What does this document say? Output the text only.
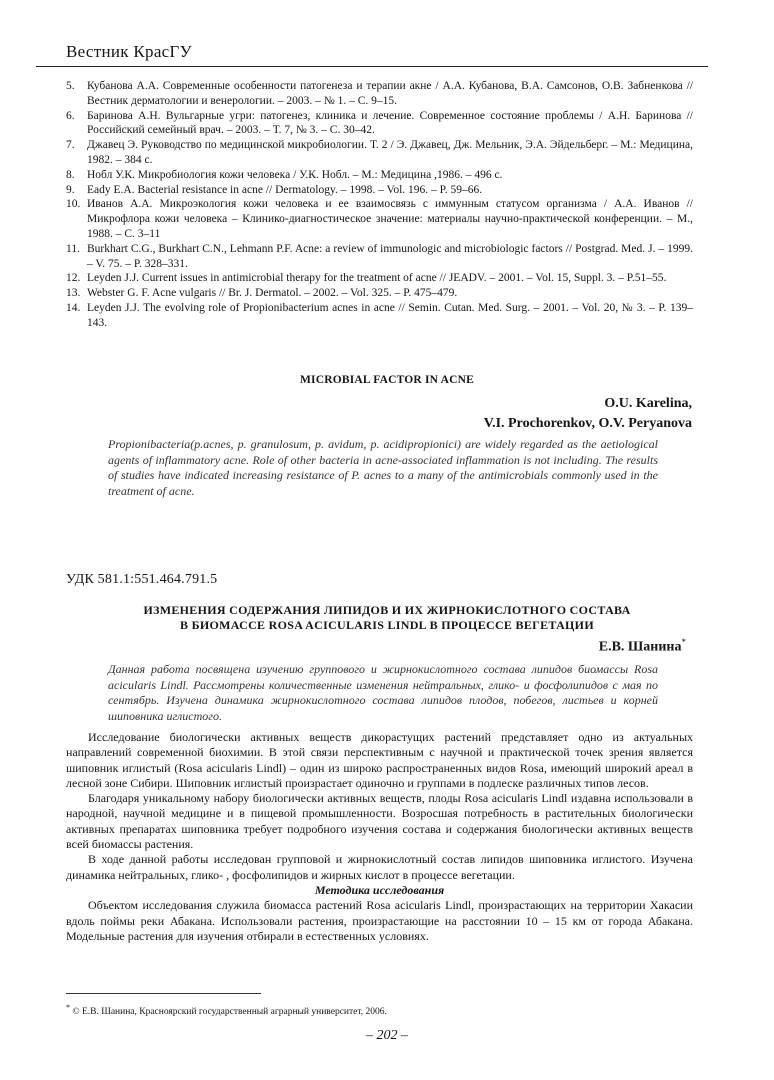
Вестник КрасГУ
5. Кубанова А.А. Современные особенности патогенеза и терапии акне / А.А. Кубанова, В.А. Самсонов, О.В. Забненкова // Вестник дерматологии и венерологии. – 2003. – № 1. – С. 9–15.
6. Баринова А.Н. Вульгарные угри: патогенез, клиника и лечение. Современное состояние проблемы / А.Н. Баринова // Российский семейный врач. – 2003. – Т. 7, № 3. – С. 30–42.
7. Джавец Э. Руководство по медицинской микробиологии. Т. 2 / Э. Джавец, Дж. Мельник, Э.А. Эйдельберг. – М.: Медицина, 1982. – 384 с.
8. Нобл У.К. Микробиология кожи человека / У.К. Нобл. – М.: Медицина ,1986. – 496 с.
9. Eady E.A. Bacterial resistance in acne // Dermatology. – 1998. – Vol. 196. – P. 59–66.
10. Иванов А.А. Микроэкология кожи человека и ее взаимосвязь с иммунным статусом организма / А.А. Иванов // Микрофлора кожи человека – Клинико-диагностическое значение: материалы научно-практической конференции. – М., 1988. – С. 3–11
11. Burkhart C.G., Burkhart C.N., Lehmann P.F. Acne: a review of immunologic and microbiologic factors // Postgrad. Med. J. – 1999. – V. 75. – P. 328–331.
12. Leyden J.J. Current issues in antimicrobial therapy for the treatment of acne // JEADV. – 2001. – Vol. 15, Suppl. 3. – P.51–55.
13. Webster G. F. Acne vulgaris // Br. J. Dermatol. – 2002. – Vol. 325. – P. 475–479.
14. Leyden J.J. The evolving role of Propionibacterium acnes in acne // Semin. Cutan. Med. Surg. – 2001. – Vol. 20, № 3. – P. 139–143.
MICROBIAL FACTOR IN ACNE
O.U. Karelina,
V.I. Prochorenkov, O.V. Peryanova
Propionibacteria(p.acnes, p. granulosum, p. avidum, p. acidipropionici) are widely regarded as the aetiological agents of inflammatory acne. Role of other bacteria in acne-associated inflammation is not including. The results of studies have indicated increasing resistance of P. acnes to a many of the antimicrobials commonly used in the treatment of acne.
УДК 581.1:551.464.791.5
ИЗМЕНЕНИЯ СОДЕРЖАНИЯ ЛИПИДОВ И ИХ ЖИРНОКИСЛОТНОГО СОСТАВА
В БИОМАССЕ ROSA ACICULARIS LINDL В ПРОЦЕССЕ ВЕГЕТАЦИИ
Е.В. Шанина*
Данная работа посвящена изучению группового и жирнокислотного состава липидов биомассы Rosa acicularis Lindl. Рассмотрены количественные изменения нейтральных, глико- и фосфолипидов с мая по сентябрь. Изучена динамика жирнокислотного состава липидов плодов, побегов, листьев и корней шиповника иглистого.

Исследование биологически активных веществ дикорастущих растений представляет одно из актуальных направлений современной биохимии. В этой связи перспективным с научной и практической точек зрения является шиповник иглистый (Rosa acicularis Lindl) – один из широко распространенных видов Rosa, имеющий широкий ареал в лесной зоне Сибири. Шиповник иглистый произрастает одиночно и группами в подлеске различных типов лесов.

Благодаря уникальному набору биологически активных веществ, плоды Rosa acicularis Lindl издавна использовали в народной, научной медицине и в пищевой промышленности. Возросшая потребность в растительных биологически активных препаратах шиповника требует подробного изучения состава и содержания биологически активных веществ всей биомассы растения.

В ходе данной работы исследован групповой и жирнокислотный состав липидов шиповника иглистого. Изучена динамика нейтральных, глико- , фосфолипидов и жирных кислот в процессе вегетации.

Методика исследования

Объектом исследования служила биомасса растений Rosa acicularis Lindl, произрастающих на территории Хакасии вдоль поймы реки Абакана. Использовали растения, произрастающие на расстоянии 10 – 15 км от города Абакана. Модельные растения для изучения отбирали в естественных условиях.

* © Е.В. Шанина, Красноярский государственный аграрный университет, 2006.
– 202 –
